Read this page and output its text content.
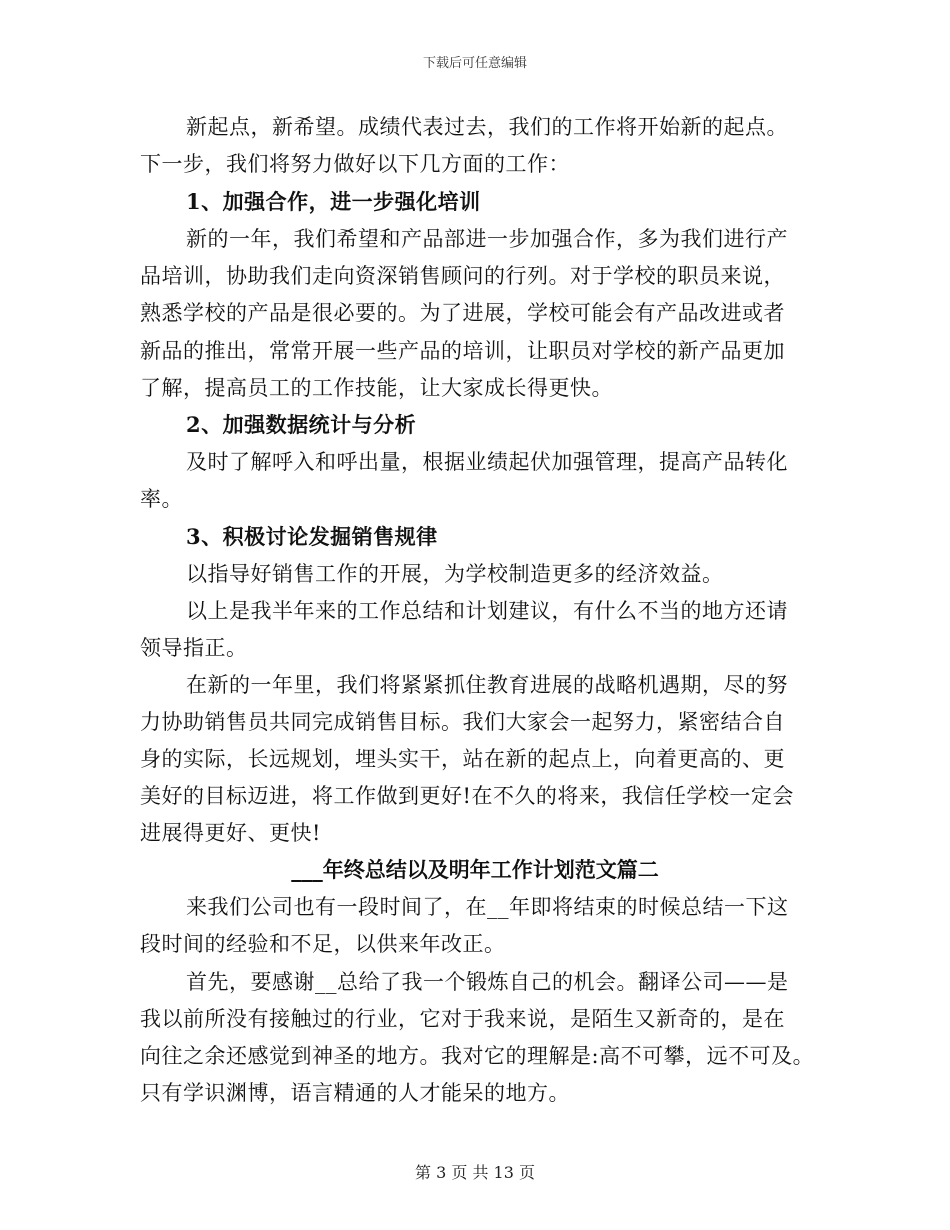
下载后可任意编辑

新起点，新希望。成绩代表过去，我们的工作将开始新的起点。

下一步，我们将努力做好以下几方面的工作：

1、加强合作，进一步强化培训

新的一年，我们希望和产品部进一步加强合作，多为我们进行产

品培训，协助我们走向资深销售顾问的行列。对于学校的职员来说，

熟悉学校的产品是很必要的。为了进展，学校可能会有产品改进或者

新品的推出，常常开展一些产品的培训，让职员对学校的新产品更加

了解，提高员工的工作技能，让大家成长得更快。

2、加强数据统计与分析

及时了解呼入和呼出量，根据业绩起伏加强管理，提高产品转化

率。

3、积极讨论发掘销售规律

以指导好销售工作的开展，为学校制造更多的经济效益。

以上是我半年来的工作总结和计划建议，有什么不当的地方还请

领导指正。

在新的一年里，我们将紧紧抓住教育进展的战略机遇期，尽的努

力协助销售员共同完成销售目标。我们大家会一起努力，紧密结合自

身的实际，长远规划，埋头实干，站在新的起点上，向着更高的、更

美好的目标迈进，将工作做到更好!在不久的将来，我信任学校一定会

进展得更好、更快!

___年终总结以及明年工作计划范文篇二

来我们公司也有一段时间了，在__年即将结束的时候总结一下这

段时间的经验和不足，以供来年改正。

首先，要感谢__总给了我一个锻炼自己的机会。翻译公司——是

我以前所没有接触过的行业，它对于我来说，是陌生又新奇的，是在

向往之余还感觉到神圣的地方。我对它的理解是:高不可攀，远不可及。

只有学识渊博，语言精通的人才能呆的地方。

第 3 页 共 13 页
